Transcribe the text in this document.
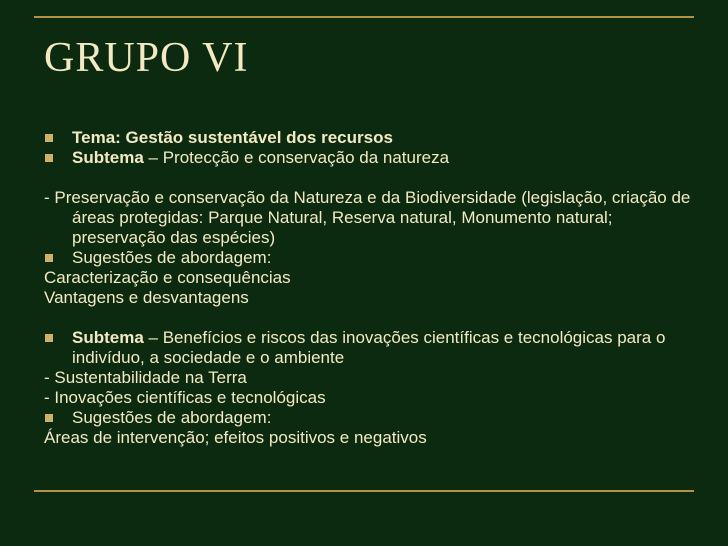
GRUPO VI
Tema: Gestão sustentável dos recursos
Subtema – Protecção e conservação da natureza
- Preservação e conservação da Natureza e da Biodiversidade (legislação, criação de áreas protegidas: Parque Natural, Reserva natural, Monumento natural; preservação das espécies)
Sugestões de abordagem:
Caracterização e consequências
Vantagens e desvantagens
Subtema – Benefícios e riscos das inovações científicas e tecnológicas para o indivíduo, a sociedade e o ambiente
- Sustentabilidade na Terra
- Inovações científicas e tecnológicas
Sugestões de abordagem:
Áreas de intervenção; efeitos positivos e negativos
